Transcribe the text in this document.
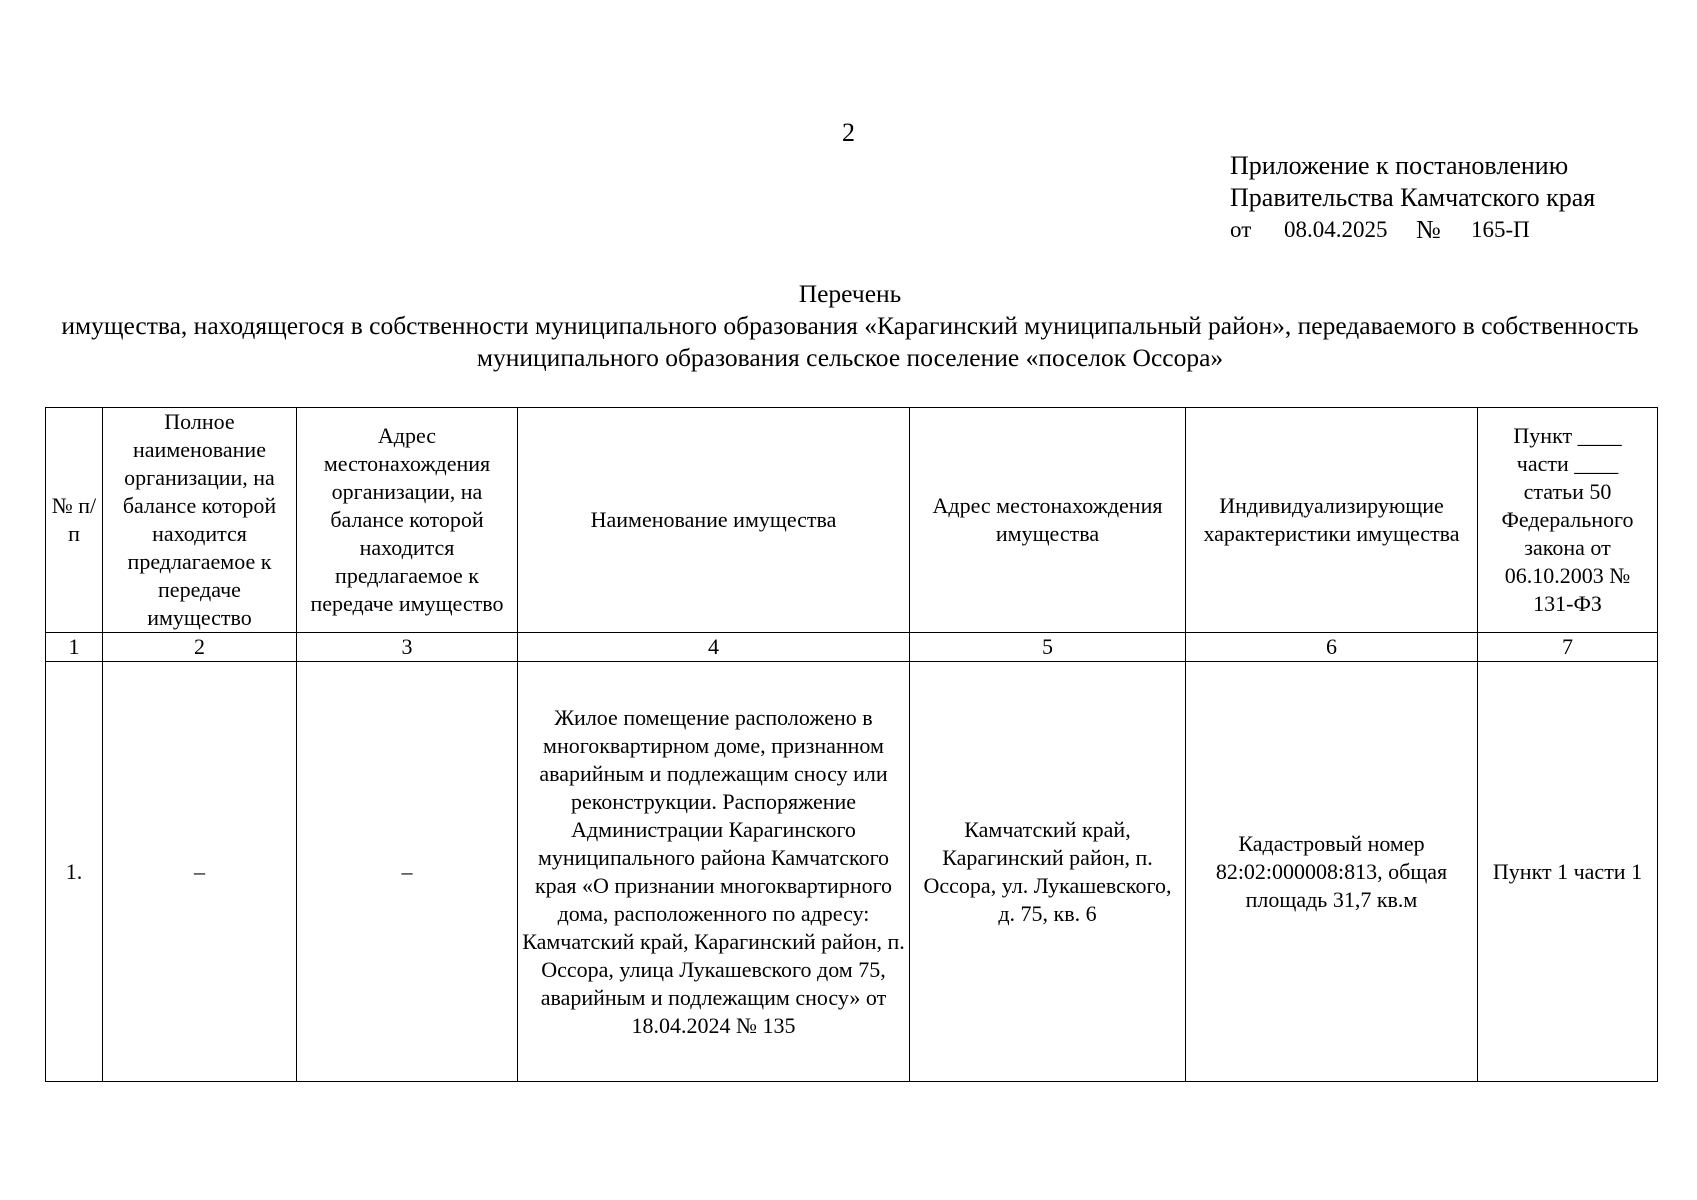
2
Приложение к постановлению
Правительства Камчатского края
от	08.04.2025	№	165-П
Перечень
имущества, находящегося в собственности муниципального образования «Карагинский муниципальный район», передаваемого в собственность муниципального образования сельское поселение «поселок Оссора»
№ п/п	Полное наименование организации, на балансе которой находится предлагаемое к передаче имущество	Адрес местонахождения организации, на балансе которой находится предлагаемое к передаче имущество	Наименование имущества	Адрес местонахождения имущества	Индивидуализирующие характеристики имущества	Пункт ____
части ____
статьи 50 Федерального закона от 06.10.2003 № 131-ФЗ

1	2	3	4	5	6	7
1.	–	–	Жилое помещение расположено в многоквартирном доме, признанном аварийным и подлежащим сносу или реконструкции. Распоряжение Администрации Карагинского муниципального района Камчатского края «О признании многоквартирного дома, расположенного по адресу: Камчатский край, Карагинский район, п. Оссора, улица Лукашевского дом 75, аварийным и подлежащим сносу» от 18.04.2024 № 135	Камчатский край, Карагинский район, п. Оссора, ул. Лукашевского, д. 75, кв. 6	Кадастровый номер 82:02:000008:813, общая площадь 31,7 кв.м	Пункт 1 части 1
